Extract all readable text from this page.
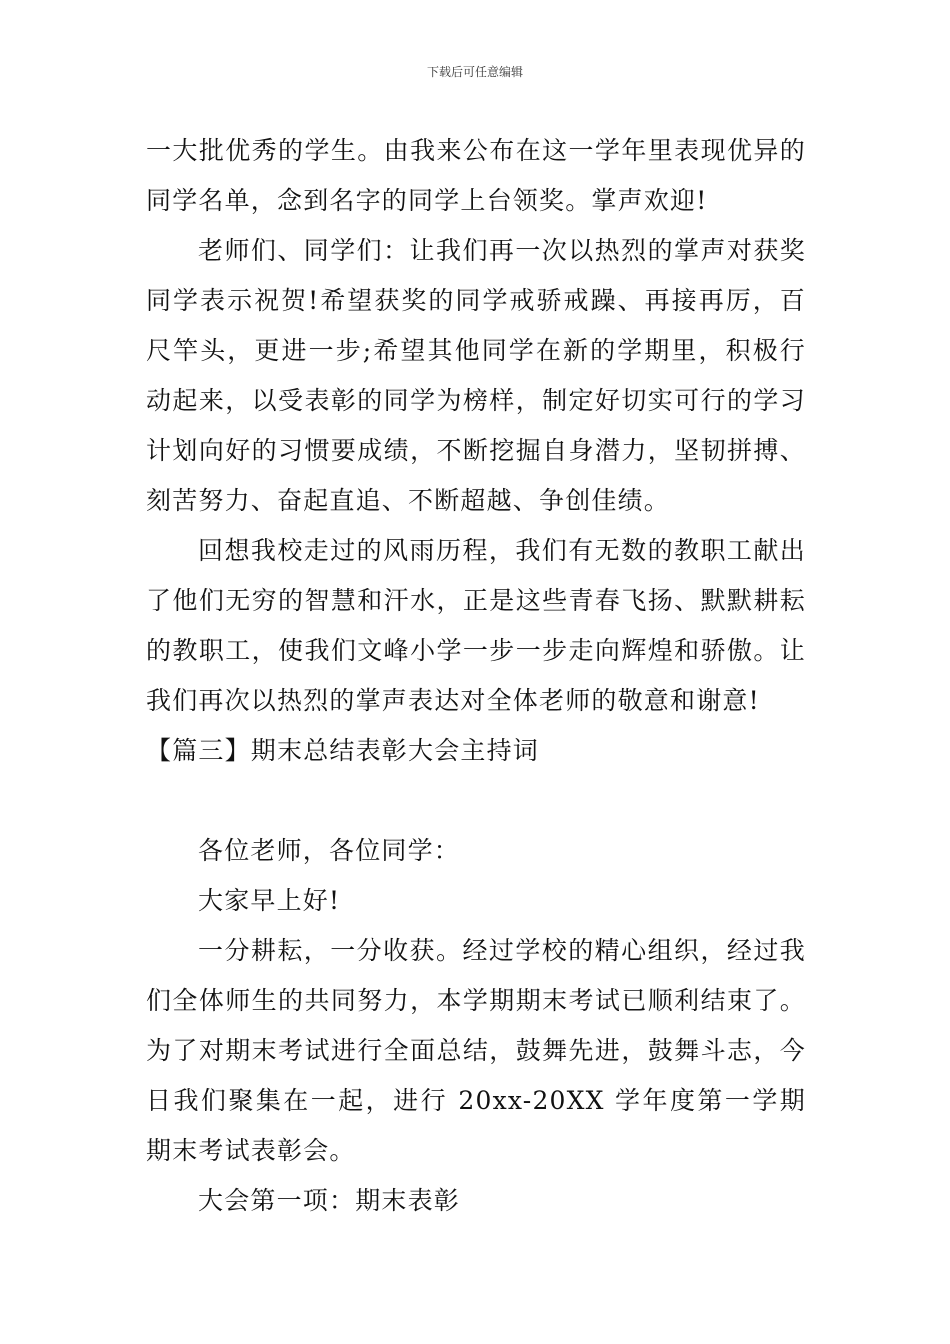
下载后可任意编辑

一大批优秀的学生。由我来公布在这一学年里表现优异的同学名单，念到名字的同学上台领奖。掌声欢迎!

老师们、同学们：让我们再一次以热烈的掌声对获奖同学表示祝贺!希望获奖的同学戒骄戒躁、再接再厉，百尺竿头，更进一步;希望其他同学在新的学期里，积极行动起来，以受表彰的同学为榜样，制定好切实可行的学习计划向好的习惯要成绩，不断挖掘自身潜力，坚韧拼搏、刻苦努力、奋起直追、不断超越、争创佳绩。

回想我校走过的风雨历程，我们有无数的教职工献出了他们无穷的智慧和汗水，正是这些青春飞扬、默默耕耘的教职工，使我们文峰小学一步一步走向辉煌和骄傲。让我们再次以热烈的掌声表达对全体老师的敬意和谢意!

【篇三】期末总结表彰大会主持词

各位老师，各位同学：

大家早上好!

一分耕耘，一分收获。经过学校的精心组织，经过我们全体师生的共同努力，本学期期末考试已顺利结束了。为了对期末考试进行全面总结，鼓舞先进，鼓舞斗志，今日我们聚集在一起，进行 20xx-20XX 学年度第一学期期末考试表彰会。

大会第一项：期末表彰
